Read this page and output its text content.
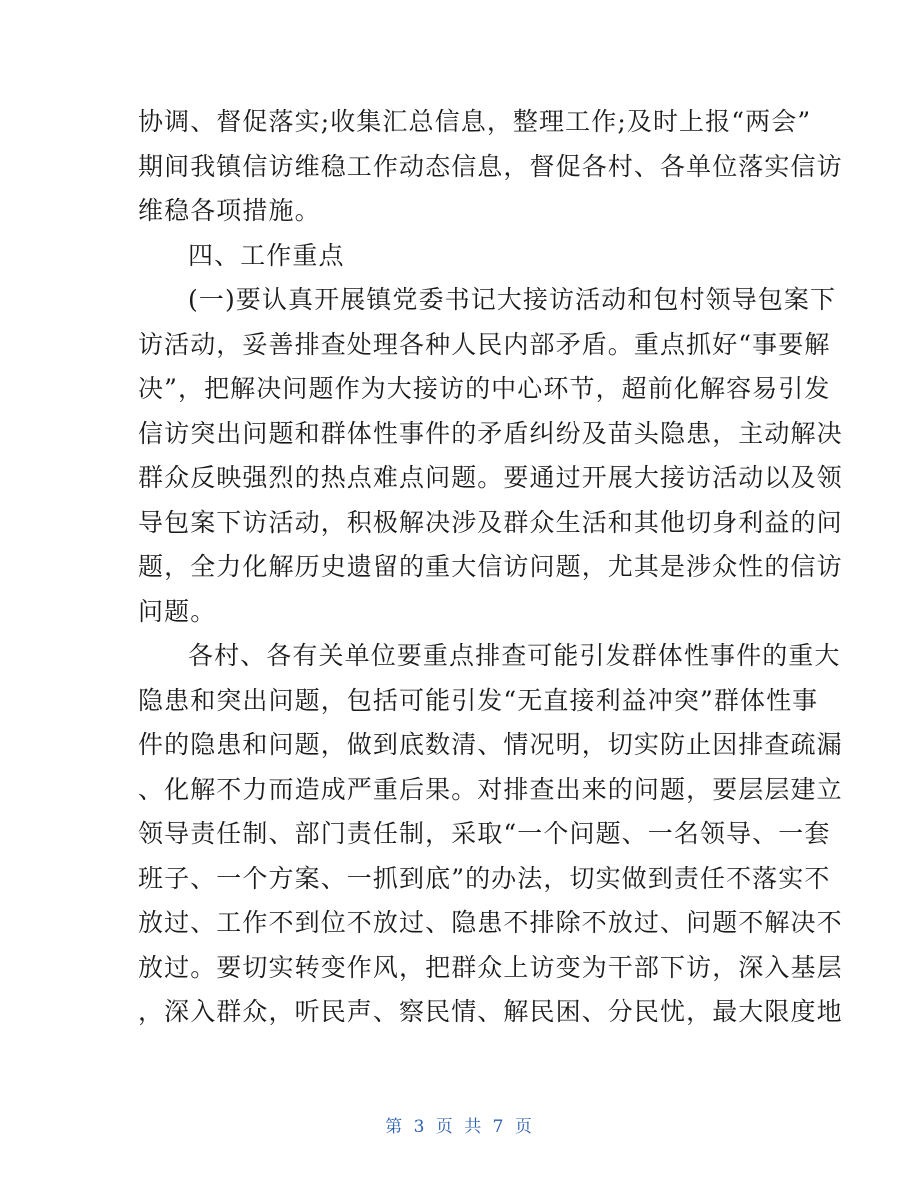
协调、督促落实;收集汇总信息，整理工作;及时上报“两会”
期间我镇信访维稳工作动态信息，督促各村、各单位落实信访
维稳各项措施。
四、工作重点
(一)要认真开展镇党委书记大接访活动和包村领导包案下
访活动，妥善排查处理各种人民内部矛盾。重点抓好“事要解
决”，把解决问题作为大接访的中心环节，超前化解容易引发
信访突出问题和群体性事件的矛盾纠纷及苗头隐患，主动解决
群众反映强烈的热点难点问题。要通过开展大接访活动以及领
导包案下访活动，积极解决涉及群众生活和其他切身利益的问
题，全力化解历史遗留的重大信访问题，尤其是涉众性的信访
问题。
各村、各有关单位要重点排查可能引发群体性事件的重大
隐患和突出问题，包括可能引发“无直接利益冲突”群体性事
件的隐患和问题，做到底数清、情况明，切实防止因排查疏漏
、化解不力而造成严重后果。对排查出来的问题，要层层建立
领导责任制、部门责任制，采取“一个问题、一名领导、一套
班子、一个方案、一抓到底”的办法，切实做到责任不落实不
放过、工作不到位不放过、隐患不排除不放过、问题不解决不
放过。要切实转变作风，把群众上访变为干部下访，深入基层
，深入群众，听民声、察民情、解民困、分民忧，最大限度地
第 3 页 共 7 页
